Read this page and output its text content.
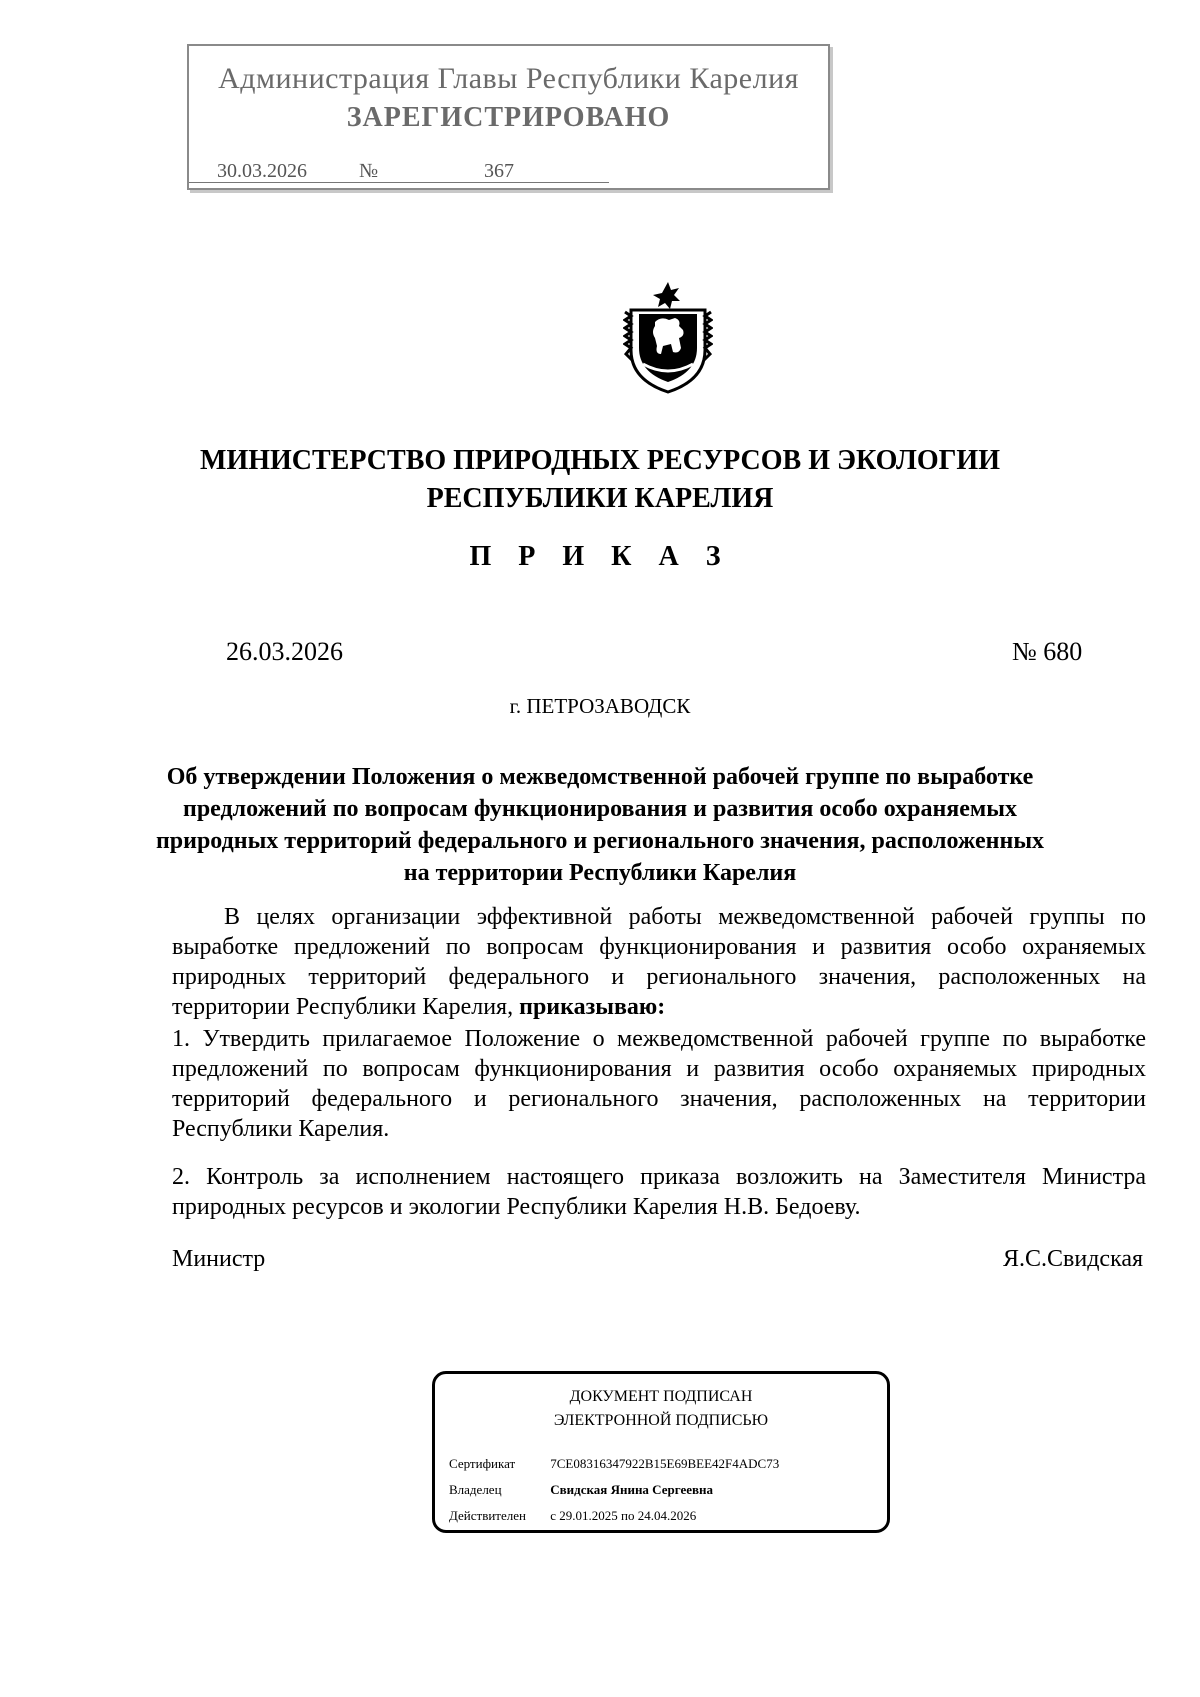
Администрация Главы Республики Карелия
ЗАРЕГИСТРИРОВАНО
30.03.2026	№	367
МИНИСТЕРСТВО ПРИРОДНЫХ РЕСУРСОВ И ЭКОЛОГИИ
РЕСПУБЛИКИ КАРЕЛИЯ
П Р И К А З
26.03.2026	№ 680
г. ПЕТРОЗАВОДСК
Об утверждении Положения о межведомственной рабочей группе по выработке предложений по вопросам функционирования и развития особо охраняемых природных территорий федерального и регионального значения, расположенных на территории Республики Карелия
В целях организации эффективной работы межведомственной рабочей группы по выработке предложений по вопросам функционирования и развития особо охраняемых природных территорий федерального и регионального значения, расположенных на территории Республики Карелия, приказываю:
1. Утвердить прилагаемое Положение о межведомственной рабочей группе по выработке предложений по вопросам функционирования и развития особо охраняемых природных территорий федерального и регионального значения, расположенных на территории Республики Карелия.
2. Контроль за исполнением настоящего приказа возложить на Заместителя Министра природных ресурсов и экологии Республики Карелия Н.В. Бедоеву.
Министр	Я.С.Свидская
ДОКУМЕНТ ПОДПИСАН
ЭЛЕКТРОННОЙ ПОДПИСЬЮ
Сертификат	7CE08316347922B15E69BEE42F4ADC73
Владелец	Свидская Янина Сергеевна
Действителен с 29.01.2025 по 24.04.2026
